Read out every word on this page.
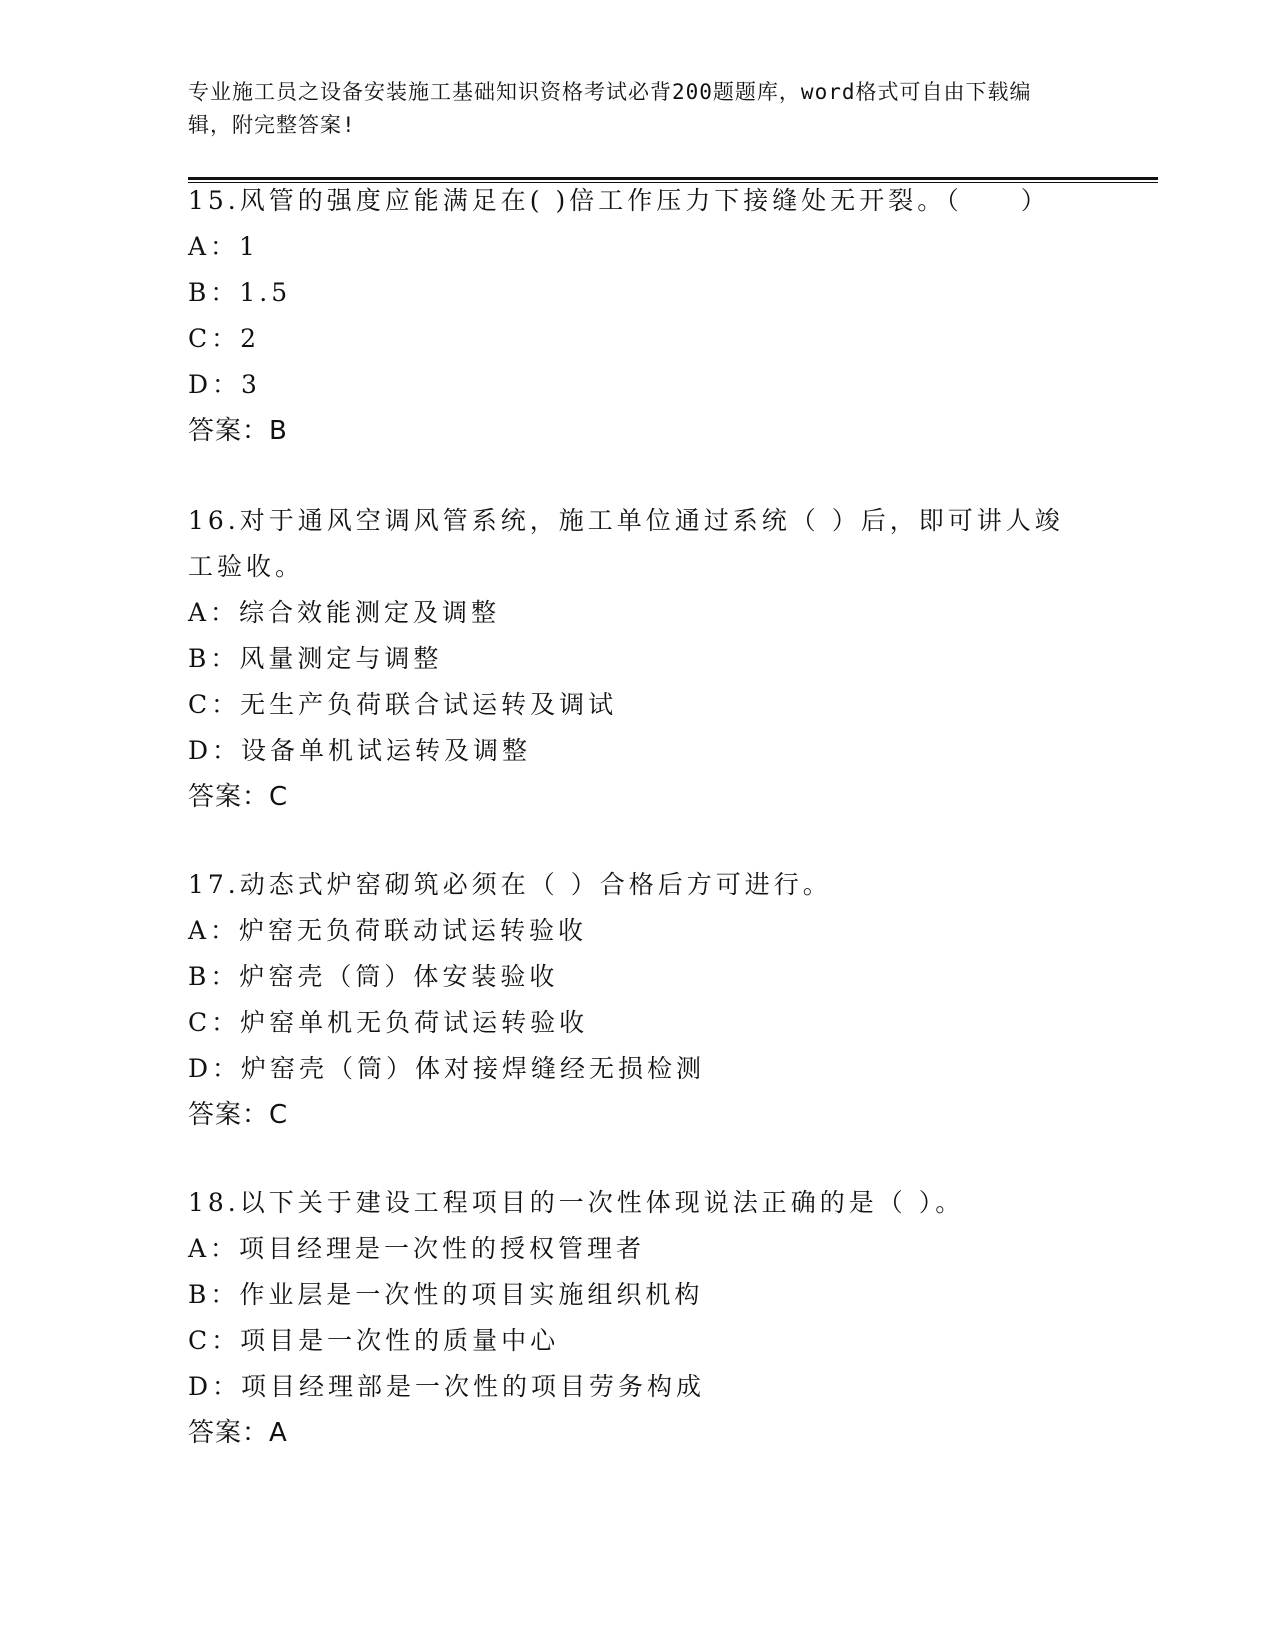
专业施工员之设备安装施工基础知识资格考试必背200题题库，word格式可自由下载编辑，附完整答案!
15.风管的强度应能满足在( )倍工作压力下接缝处无开裂。（　　）
A：1
B：1.5
C：2
D：3
答案：B
16.对于通风空调风管系统，施工单位通过系统（ ）后，即可讲人竣工验收。
A：综合效能测定及调整
B：风量测定与调整
C：无生产负荷联合试运转及调试
D：设备单机试运转及调整
答案：C
17.动态式炉窑砌筑必须在（ ）合格后方可进行。
A：炉窑无负荷联动试运转验收
B：炉窑壳（筒）体安装验收
C：炉窑单机无负荷试运转验收
D：炉窑壳（筒）体对接焊缝经无损检测
答案：C
18.以下关于建设工程项目的一次性体现说法正确的是（ ）。
A：项目经理是一次性的授权管理者
B：作业层是一次性的项目实施组织机构
C：项目是一次性的质量中心
D：项目经理部是一次性的项目劳务构成
答案：A
